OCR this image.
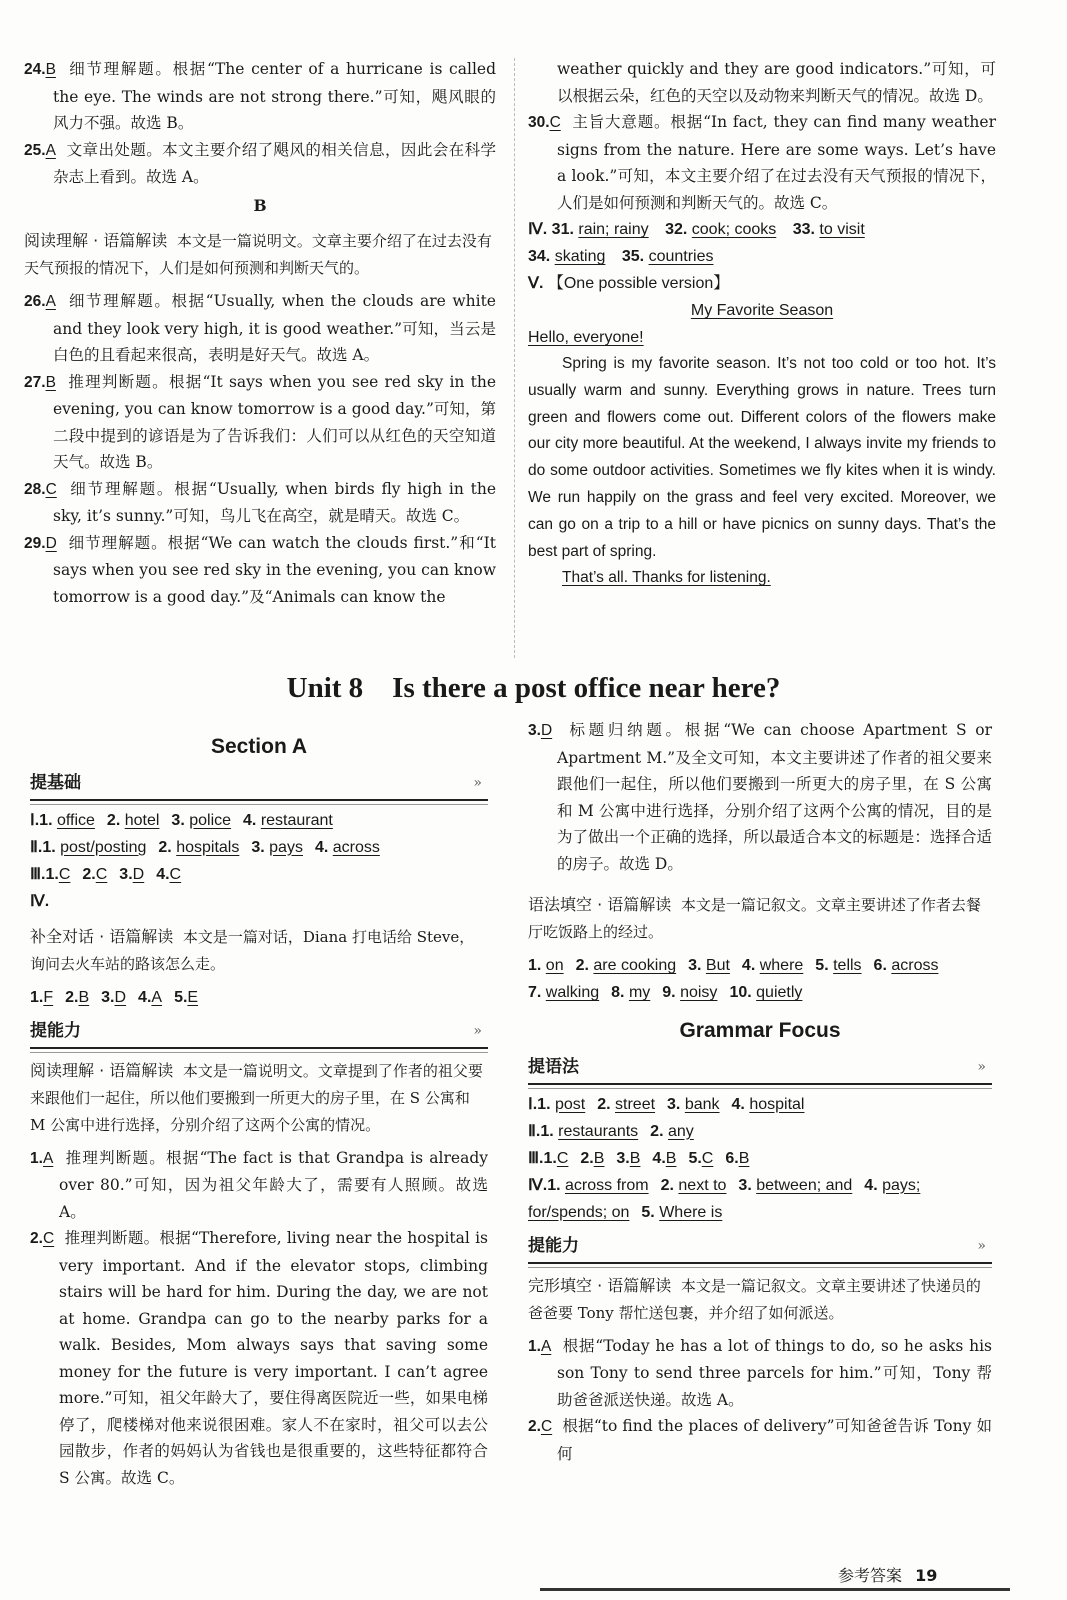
24.B 细节理解题。根据“The center of a hurricane is called the eye. The winds are not strong there.”可知，飓风眼的风力不强。故选 B。

25.A 文章出处题。本文主要介绍了飓风的相关信息，因此会在科学杂志上看到。故选 A。

B

阅读理解 · 语篇解读 本文是一篇说明文。文章主要介绍了在过去没有天气预报的情况下，人们是如何预测和判断天气的。

26.A 细节理解题。根据“Usually, when the clouds are white and they look very high, it is good weather.”可知，当云是白色的且看起来很高，表明是好天气。故选 A。

27.B 推理判断题。根据“It says when you see red sky in the evening, you can know tomorrow is a good day.”可知，第二段中提到的谚语是为了告诉我们：人们可以从红色的天空知道天气。故选 B。

28.C 细节理解题。根据“Usually, when birds fly high in the sky, it’s sunny.”可知，鸟儿飞在高空，就是晴天。故选 C。

29.D 细节理解题。根据“We can watch the clouds first.”和“It says when you see red sky in the evening, you can know tomorrow is a good day.”及“Animals can know the

weather quickly and they are good indicators.”可知，可以根据云朵，红色的天空以及动物来判断天气的情况。故选 D。

30.C 主旨大意题。根据“In fact, they can find many weather signs from the nature. Here are some ways. Let’s have a look.”可知，本文主要介绍了在过去没有天气预报的情况下，人们是如何预测和判断天气的。故选 C。

Ⅳ. 31. rain; rainy 32. cook; cooks 33. to visit

34. skating 35. countries

Ⅴ. 【One possible version】

My Favorite Season

Hello, everyone!

Spring is my favorite season. It’s not too cold or too hot. It’s usually warm and sunny. Everything grows in nature. Trees turn green and flowers come out. Different colors of the flowers make our city more beautiful. At the weekend, I always invite my friends to do some outdoor activities. Sometimes we fly kites when it is windy. We run happily on the grass and feel very excited. Moreover, we can go on a trip to a hill or have picnics on sunny days. That’s the best part of spring.

That’s all. Thanks for listening.

Unit 8    Is there a post office near here?
Section A
提基础	»

Ⅰ.1. office 2. hotel 3. police 4. restaurant

Ⅱ.1. post/posting 2. hospitals 3. pays 4. across

Ⅲ.1.C 2.C 3.D 4.C

Ⅳ.

补全对话 · 语篇解读 本文是一篇对话，Diana 打电话给 Steve，询问去火车站的路该怎么走。

1.F 2.B 3.D 4.A 5.E

提能力	»

阅读理解 · 语篇解读 本文是一篇说明文。文章提到了作者的祖父要来跟他们一起住，所以他们要搬到一所更大的房子里，在 S 公寓和 M 公寓中进行选择，分别介绍了这两个公寓的情况。

1.A 推理判断题。根据“The fact is that Grandpa is already over 80.”可知，因为祖父年龄大了，需要有人照顾。故选 A。

2.C 推理判断题。根据“Therefore, living near the hospital is very important. And if the elevator stops, climbing stairs will be hard for him. During the day, we are not at home. Grandpa can go to the nearby parks for a walk. Besides, Mom always says that saving some money for the future is very important. I can’t agree more.”可知，祖父年龄大了，要住得离医院近一些，如果电梯停了，爬楼梯对他来说很困难。家人不在家时，祖父可以去公园散步，作者的妈妈认为省钱也是很重要的，这些特征都符合 S 公寓。故选 C。

3.D 标题归纳题。根据“We can choose Apartment S or Apartment M.”及全文可知，本文主要讲述了作者的祖父要来跟他们一起住，所以他们要搬到一所更大的房子里，在 S 公寓和 M 公寓中进行选择，分别介绍了这两个公寓的情况，目的是为了做出一个正确的选择，所以最适合本文的标题是：选择合适的房子。故选 D。

语法填空 · 语篇解读 本文是一篇记叙文。文章主要讲述了作者去餐厅吃饭路上的经过。

1. on 2. are cooking 3. But 4. where 5. tells 6. across

7. walking 8. my 9. noisy 10. quietly

Grammar Focus
提语法	»

Ⅰ.1. post 2. street 3. bank 4. hospital

Ⅱ.1. restaurants 2. any

Ⅲ.1.C 2.B 3.B 4.B 5.C 6.B

Ⅳ.1. across from 2. next to 3. between; and 4. pays;

for/spends; on 5. Where is

提能力	»

完形填空 · 语篇解读 本文是一篇记叙文。文章主要讲述了快递员的爸爸要 Tony 帮忙送包裹，并介绍了如何派送。

1.A 根据“Today he has a lot of things to do, so he asks his son Tony to send three parcels for him.”可知，Tony 帮助爸爸派送快递。故选 A。

2.C 根据“to find the places of delivery”可知爸爸告诉 Tony 如何

参考答案 19
